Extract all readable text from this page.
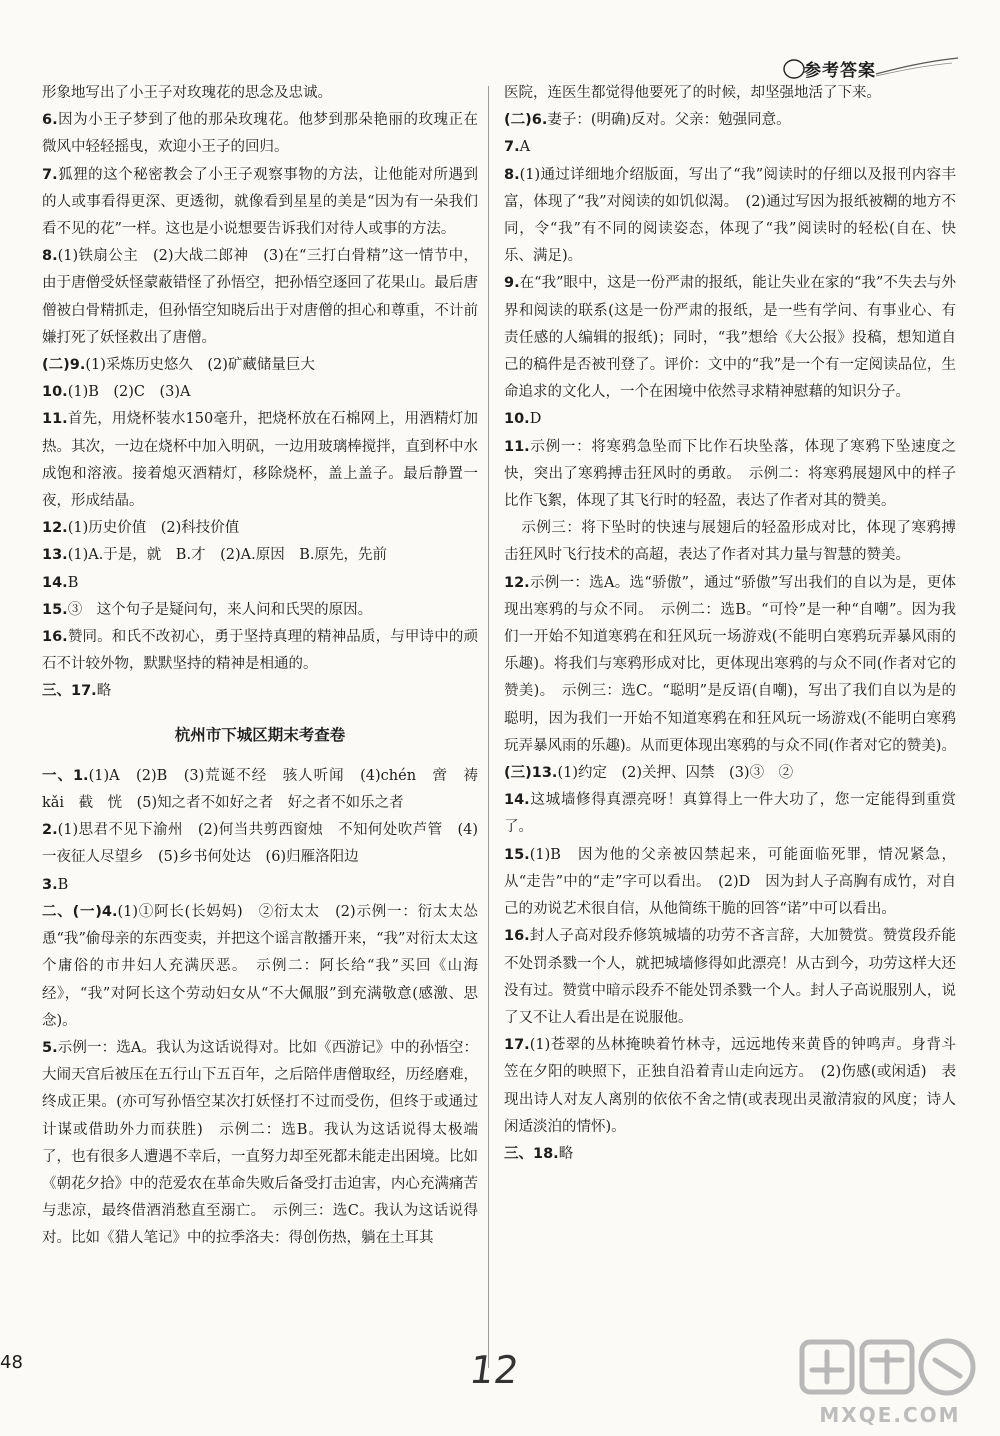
参考答案

形象地写出了小王子对玫瑰花的思念及忠诚。

6.因为小王子梦到了他的那朵玫瑰花。他梦到那朵艳丽的玫瑰正在微风中轻轻摇曳，欢迎小王子的回归。

7.狐狸的这个秘密教会了小王子观察事物的方法，让他能对所遇到的人或事看得更深、更透彻，就像看到星星的美是“因为有一朵我们看不见的花”一样。这也是小说想要告诉我们对待人或事的方法。

8.(1)铁扇公主　(2)大战二郎神　(3)在“三打白骨精”这一情节中，由于唐僧受妖怪蒙蔽错怪了孙悟空，把孙悟空逐回了花果山。最后唐僧被白骨精抓走，但孙悟空知晓后出于对唐僧的担心和尊重，不计前嫌打死了妖怪救出了唐僧。

(二)9.(1)采炼历史悠久　(2)矿藏储量巨大

10.(1)B　(2)C　(3)A

11.首先，用烧杯装水150毫升，把烧杯放在石棉网上，用酒精灯加热。其次，一边在烧杯中加入明矾，一边用玻璃棒搅拌，直到杯中水成饱和溶液。接着熄灭酒精灯，移除烧杯，盖上盖子。最后静置一夜，形成结晶。

12.(1)历史价值　(2)科技价值

13.(1)A.于是，就　B.才　(2)A.原因　B.原先，先前

14.B

15.③　这个句子是疑问句，来人问和氏哭的原因。

16.赞同。和氏不改初心，勇于坚持真理的精神品质，与甲诗中的顽石不计较外物，默默坚持的精神是相通的。

三、17.略

杭州市下城区期末考查卷

一、1.(1)A　(2)B　(3)荒诞不经　骇人听闻　(4)chén　啻　祷　kǎi　截　恍　(5)知之者不如好之者　好之者不如乐之者

2.(1)思君不见下渝州　(2)何当共剪西窗烛　不知何处吹芦管　(4)一夜征人尽望乡　(5)乡书何处达　(6)归雁洛阳边

3.B

二、(一)4.(1)①阿长(长妈妈)　②衍太太　(2)示例一：衍太太怂恿“我”偷母亲的东西变卖，并把这个谣言散播开来，“我”对衍太太这个庸俗的市井妇人充满厌恶。　示例二：阿长给“我”买回《山海经》，“我”对阿长这个劳动妇女从“不大佩服”到充满敬意(感激、思念)。

5.示例一：选A。我认为这话说得对。比如《西游记》中的孙悟空：大闹天宫后被压在五行山下五百年，之后陪伴唐僧取经，历经磨难，终成正果。(亦可写孙悟空某次打妖怪打不过而受伤，但终于或通过计谋或借助外力而获胜)　示例二：选B。我认为这话说得太极端了，也有很多人遭遇不幸后，一直努力却至死都未能走出困境。比如《朝花夕拾》中的范爱农在革命失败后备受打击迫害，内心充满痛苦与悲凉，最终借酒消愁直至溺亡。　示例三：选C。我认为这话说得对。比如《猎人笔记》中的拉季洛夫：得创伤热，躺在土耳其

医院，连医生都觉得他要死了的时候，却坚强地活了下来。

(二)6.妻子：(明确)反对。父亲：勉强同意。

7.A

8.(1)通过详细地介绍版面，写出了“我”阅读时的仔细以及报刊内容丰富，体现了“我”对阅读的如饥似渴。　(2)通过写因为报纸被糊的地方不同，令“我”有不同的阅读姿态，体现了“我”阅读时的轻松(自在、快乐、满足)。

9.在“我”眼中，这是一份严肃的报纸，能让失业在家的“我”不失去与外界和阅读的联系(这是一份严肃的报纸，是一些有学问、有事业心、有责任感的人编辑的报纸)；同时，“我”想给《大公报》投稿，想知道自己的稿件是否被刊登了。评价：文中的“我”是一个有一定阅读品位，生命追求的文化人，一个在困境中依然寻求精神慰藉的知识分子。

10.D

11.示例一：将寒鸦急坠而下比作石块坠落，体现了寒鸦下坠速度之快，突出了寒鸦搏击狂风时的勇敢。　示例二：将寒鸦展翅风中的样子比作飞絮，体现了其飞行时的轻盈，表达了作者对其的赞美。

示例三：将下坠时的快速与展翅后的轻盈形成对比，体现了寒鸦搏击狂风时飞行技术的高超，表达了作者对其力量与智慧的赞美。

12.示例一：选A。选“骄傲”，通过“骄傲”写出我们的自以为是，更体现出寒鸦的与众不同。　示例二：选B。“可怜”是一种“自嘲”。因为我们一开始不知道寒鸦在和狂风玩一场游戏(不能明白寒鸦玩弄暴风雨的乐趣)。将我们与寒鸦形成对比，更体现出寒鸦的与众不同(作者对它的赞美)。　示例三：选C。“聪明”是反语(自嘲)，写出了我们自以为是的聪明，因为我们一开始不知道寒鸦在和狂风玩一场游戏(不能明白寒鸦玩弄暴风雨的乐趣)。从而更体现出寒鸦的与众不同(作者对它的赞美)。

(三)13.(1)约定　(2)关押、囚禁　(3)③　②

14.这城墙修得真漂亮呀！真算得上一件大功了，您一定能得到重赏了。

15.(1)B　因为他的父亲被囚禁起来，可能面临死罪，情况紧急，从“走告”中的“走”字可以看出。　(2)D　因为封人子高胸有成竹，对自己的劝说艺术很自信，从他简练干脆的回答“诺”中可以看出。

16.封人子高对段乔修筑城墙的功劳不吝言辞，大加赞赏。赞赏段乔能不处罚杀戮一个人，就把城墙修得如此漂亮！从古到今，功劳这样大还没有过。赞赏中暗示段乔不能处罚杀戮一个人。封人子高说服别人，说了又不让人看出是在说服他。

17.(1)苍翠的丛林掩映着竹林寺，远远地传来黄昏的钟鸣声。身背斗笠在夕阳的映照下，正独自沿着青山走向远方。　(2)伤感(或闲适)　表现出诗人对友人离别的依依不舍之情(或表现出灵澈清寂的风度；诗人闲适淡泊的情怀)。

三、18.略

48	12
MXQE.COM
